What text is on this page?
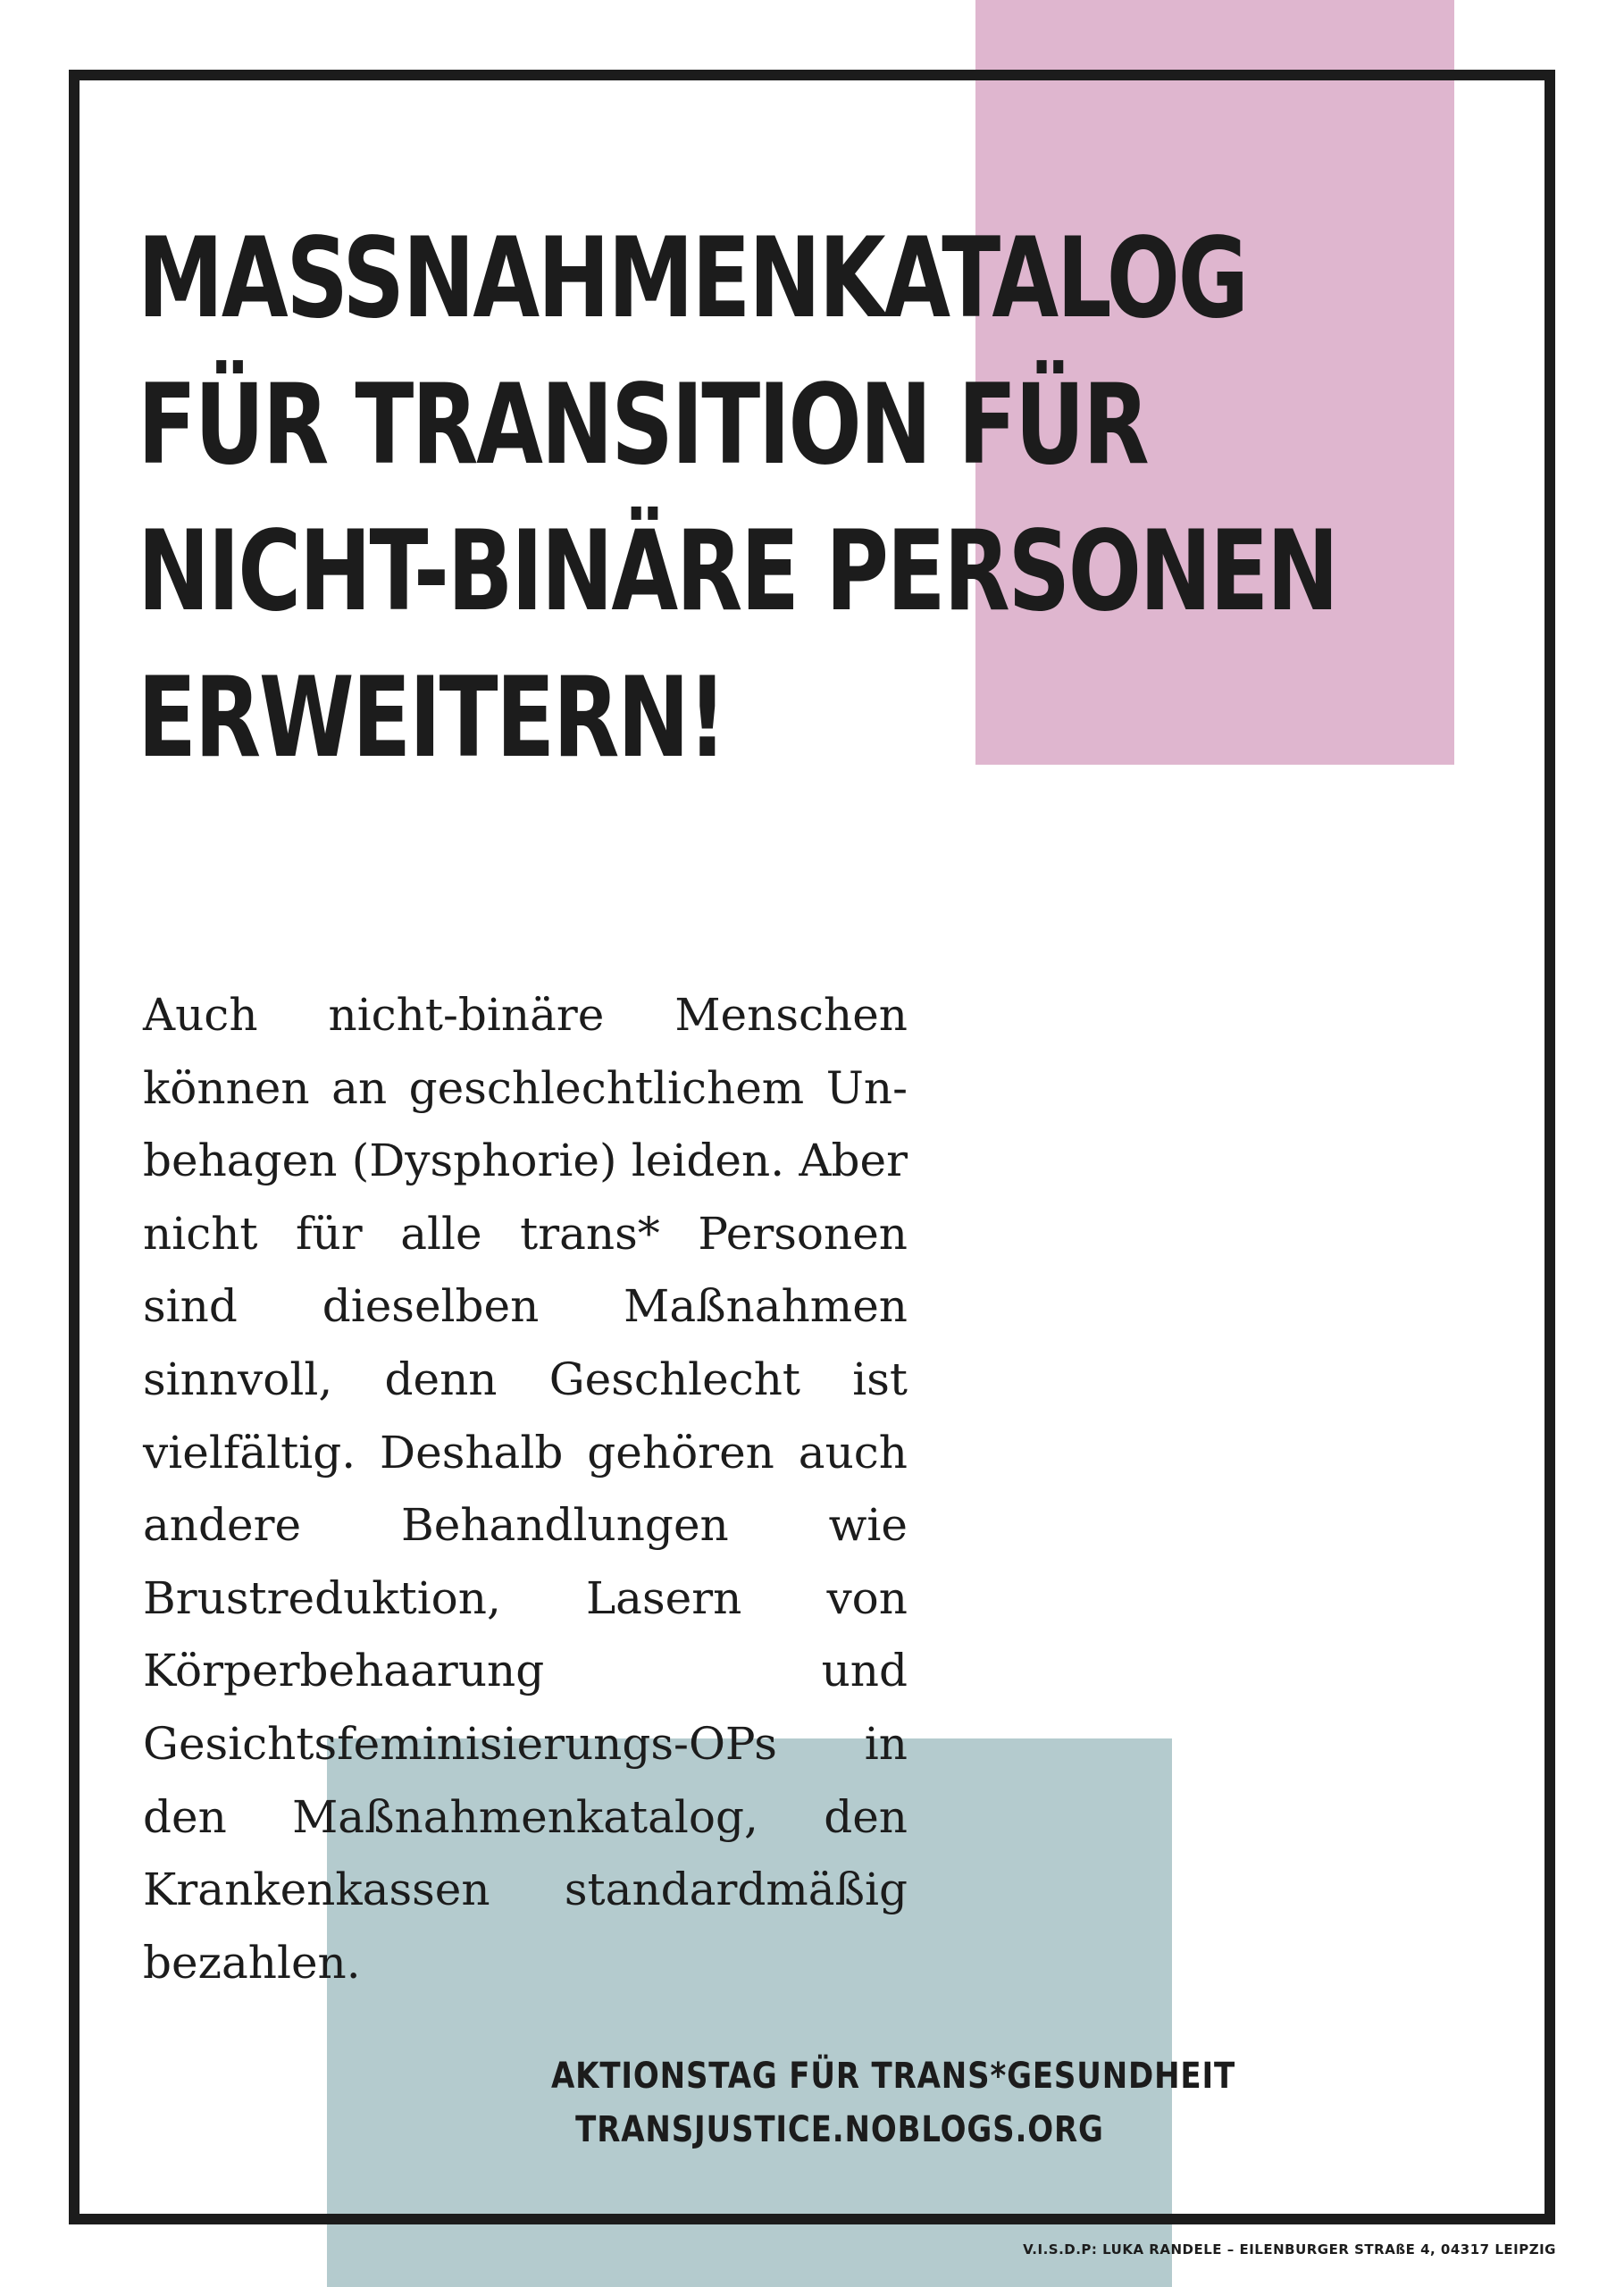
MASSNAHMENKATALOG
FÜR TRANSITION FÜR
NICHT-BINÄRE PERSONEN
ERWEITERN!

Auch nicht-binäre Menschen können an geschlechtlichem Unbehagen (Dysphorie) leiden. Aber nicht für alle trans* Personen sind dieselben Maßnahmen sinnvoll, denn Geschlecht ist vielfältig. Deshalb gehören auch andere Behandlungen wie Brustreduktion, Lasern von Körperbehaarung und Gesichtsfeminisierungs-OPs in den Maßnahmenkatalog, den Krankenkassen standardmäßig bezahlen.

AKTIONSTAG FÜR TRANS*GESUNDHEIT
TRANSJUSTICE.NOBLOGS.ORG
V.I.S.D.P: LUKA RANDELE – EILENBURGER STRAßE 4, 04317 LEIPZIG
